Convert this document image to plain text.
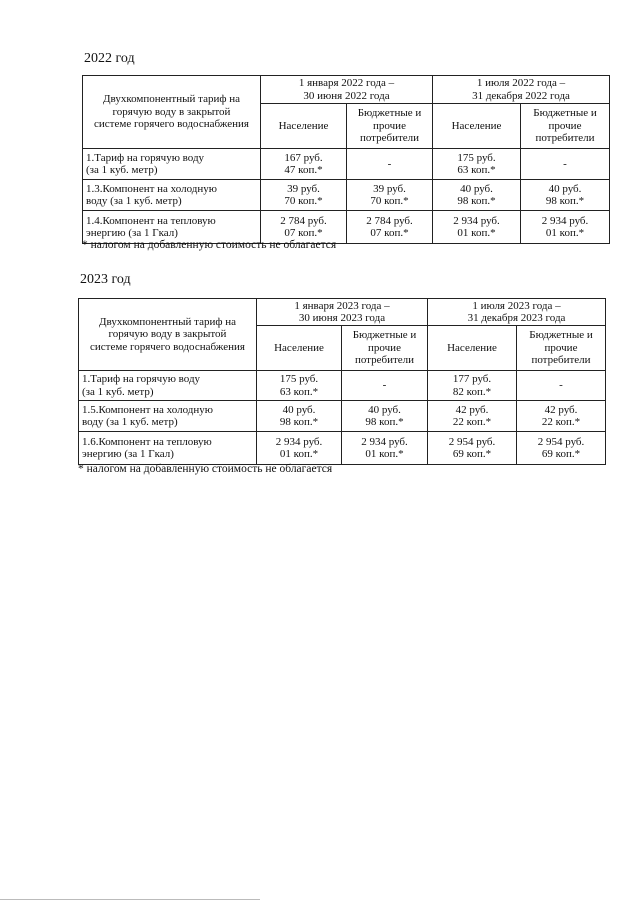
2022 год
Двухкомпонентный тариф на
горячую воду в закрытой
системе горячего водоснабжения	1 января 2022 года –
30 июня 2022 года		1 июля 2022 года –
31 декабря 2022 года	
	Население	Бюджетные и
прочие
потребители	Население	Бюджетные и
прочие
потребители
1.Тариф на горячую воду
(за 1 куб. метр)	167 руб.
47 коп.*	-	175 руб.
63 коп.*	-
1.3.Компонент на холодную
воду (за 1 куб. метр)	39 руб.
70 коп.*	39 руб.
70 коп.*	40 руб.
98 коп.*	40 руб.
98 коп.*
1.4.Компонент на тепловую
энергию (за 1 Гкал)	2 784 руб.
07 коп.*	2 784 руб.
07 коп.*	2 934 руб.
01 коп.*	2 934 руб.
01 коп.*
* налогом на добавленную стоимость не облагается
2023 год
Двухкомпонентный тариф на
горячую воду в закрытой
системе горячего водоснабжения	1 января 2023 года –
30 июня 2023 года		1 июля 2023 года –
31 декабря 2023 года	
	Население	Бюджетные и
прочие
потребители	Население	Бюджетные и
прочие
потребители
1.Тариф на горячую воду
(за 1 куб. метр)	175 руб.
63 коп.*	-	177 руб.
82 коп.*	-
1.5.Компонент на холодную
воду (за 1 куб. метр)	40 руб.
98 коп.*	40 руб.
98 коп.*	42 руб.
22 коп.*	42 руб.
22 коп.*
1.6.Компонент на тепловую
энергию (за 1 Гкал)	2 934 руб.
01 коп.*	2 934 руб.
01 коп.*	2 954 руб.
69 коп.*	2 954 руб.
69 коп.*
* налогом на добавленную стоимость не облагается
